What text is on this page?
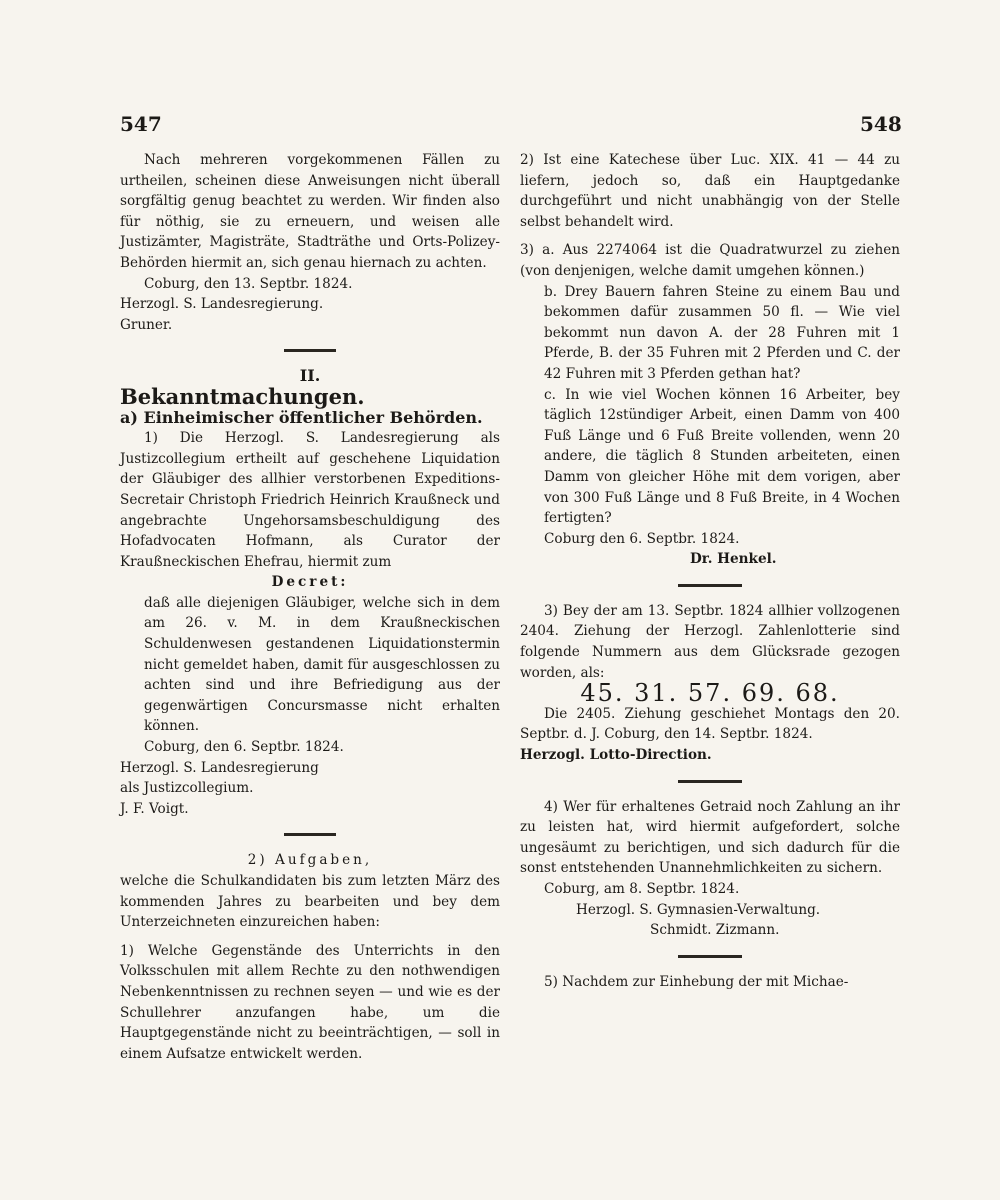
547	548

Nach mehreren vorgekommenen Fällen zu urtheilen, scheinen diese Anweisungen nicht überall sorgfältig genug beachtet zu werden. Wir finden also für nöthig, sie zu erneuern, und weisen alle Justizämter, Magisträte, Stadträthe und Orts-Polizey-Behörden hiermit an, sich genau hiernach zu achten.

Coburg, den 13. Septbr. 1824.

Herzogl. S. Landesregierung.

Gruner.

II.

Bekanntmachungen.

a) Einheimischer öffentlicher Behörden.

1) Die Herzogl. S. Landesregierung als Justizcollegium ertheilt auf geschehene Liquidation der Gläubiger des allhier verstorbenen Expeditions-Secretair Christoph Friedrich Heinrich Kraußneck und angebrachte Ungehorsamsbeschuldigung des Hofadvocaten Hofmann, als Curator der Kraußneckischen Ehefrau, hiermit zum

Decret:

daß alle diejenigen Gläubiger, welche sich in dem am 26. v. M. in dem Kraußneckischen Schuldenwesen gestandenen Liquidationstermin nicht gemeldet haben, damit für ausgeschlossen zu achten sind und ihre Befriedigung aus der gegenwärtigen Concursmasse nicht erhalten können.

Coburg, den 6. Septbr. 1824.

Herzogl. S. Landesregierung

als Justizcollegium.

J. F. Voigt.

2) Aufgaben,

welche die Schulkandidaten bis zum letzten März des kommenden Jahres zu bearbeiten und bey dem Unterzeichneten einzureichen haben:

1) Welche Gegenstände des Unterrichts in den Volksschulen mit allem Rechte zu den nothwendigen Nebenkenntnissen zu rechnen seyen — und wie es der Schullehrer anzufangen habe, um die Hauptgegenstände nicht zu beeinträchtigen, — soll in einem Aufsatze entwickelt werden.

2) Ist eine Katechese über Luc. XIX. 41 — 44 zu liefern, jedoch so, daß ein Hauptgedanke durchgeführt und nicht unabhängig von der Stelle selbst behandelt wird.

3) a. Aus 2274064 ist die Quadratwurzel zu ziehen (von denjenigen, welche damit umgehen können.)

b. Drey Bauern fahren Steine zu einem Bau und bekommen dafür zusammen 50 fl. — Wie viel bekommt nun davon A. der 28 Fuhren mit 1 Pferde, B. der 35 Fuhren mit 2 Pferden und C. der 42 Fuhren mit 3 Pferden gethan hat?

c. In wie viel Wochen können 16 Arbeiter, bey täglich 12stündiger Arbeit, einen Damm von 400 Fuß Länge und 6 Fuß Breite vollenden, wenn 20 andere, die täglich 8 Stunden arbeiteten, einen Damm von gleicher Höhe mit dem vorigen, aber von 300 Fuß Länge und 8 Fuß Breite, in 4 Wochen fertigten?

Coburg den 6. Septbr. 1824.

Dr. Henkel.

3) Bey der am 13. Septbr. 1824 allhier vollzogenen 2404. Ziehung der Herzogl. Zahlenlotterie sind folgende Nummern aus dem Glücksrade gezogen worden, als:

45. 31. 57. 69. 68.

Die 2405. Ziehung geschiehet Montags den 20. Septbr. d. J. Coburg, den 14. Septbr. 1824.

Herzogl. Lotto-Direction.

4) Wer für erhaltenes Getraid noch Zahlung an ihr zu leisten hat, wird hiermit aufgefordert, solche ungesäumt zu berichtigen, und sich dadurch für die sonst entstehenden Unannehmlichkeiten zu sichern.

Coburg, am 8. Septbr. 1824.

Herzogl. S. Gymnasien-Verwaltung.

Schmidt. Zizmann.

5) Nachdem zur Einhebung der mit Michae-
